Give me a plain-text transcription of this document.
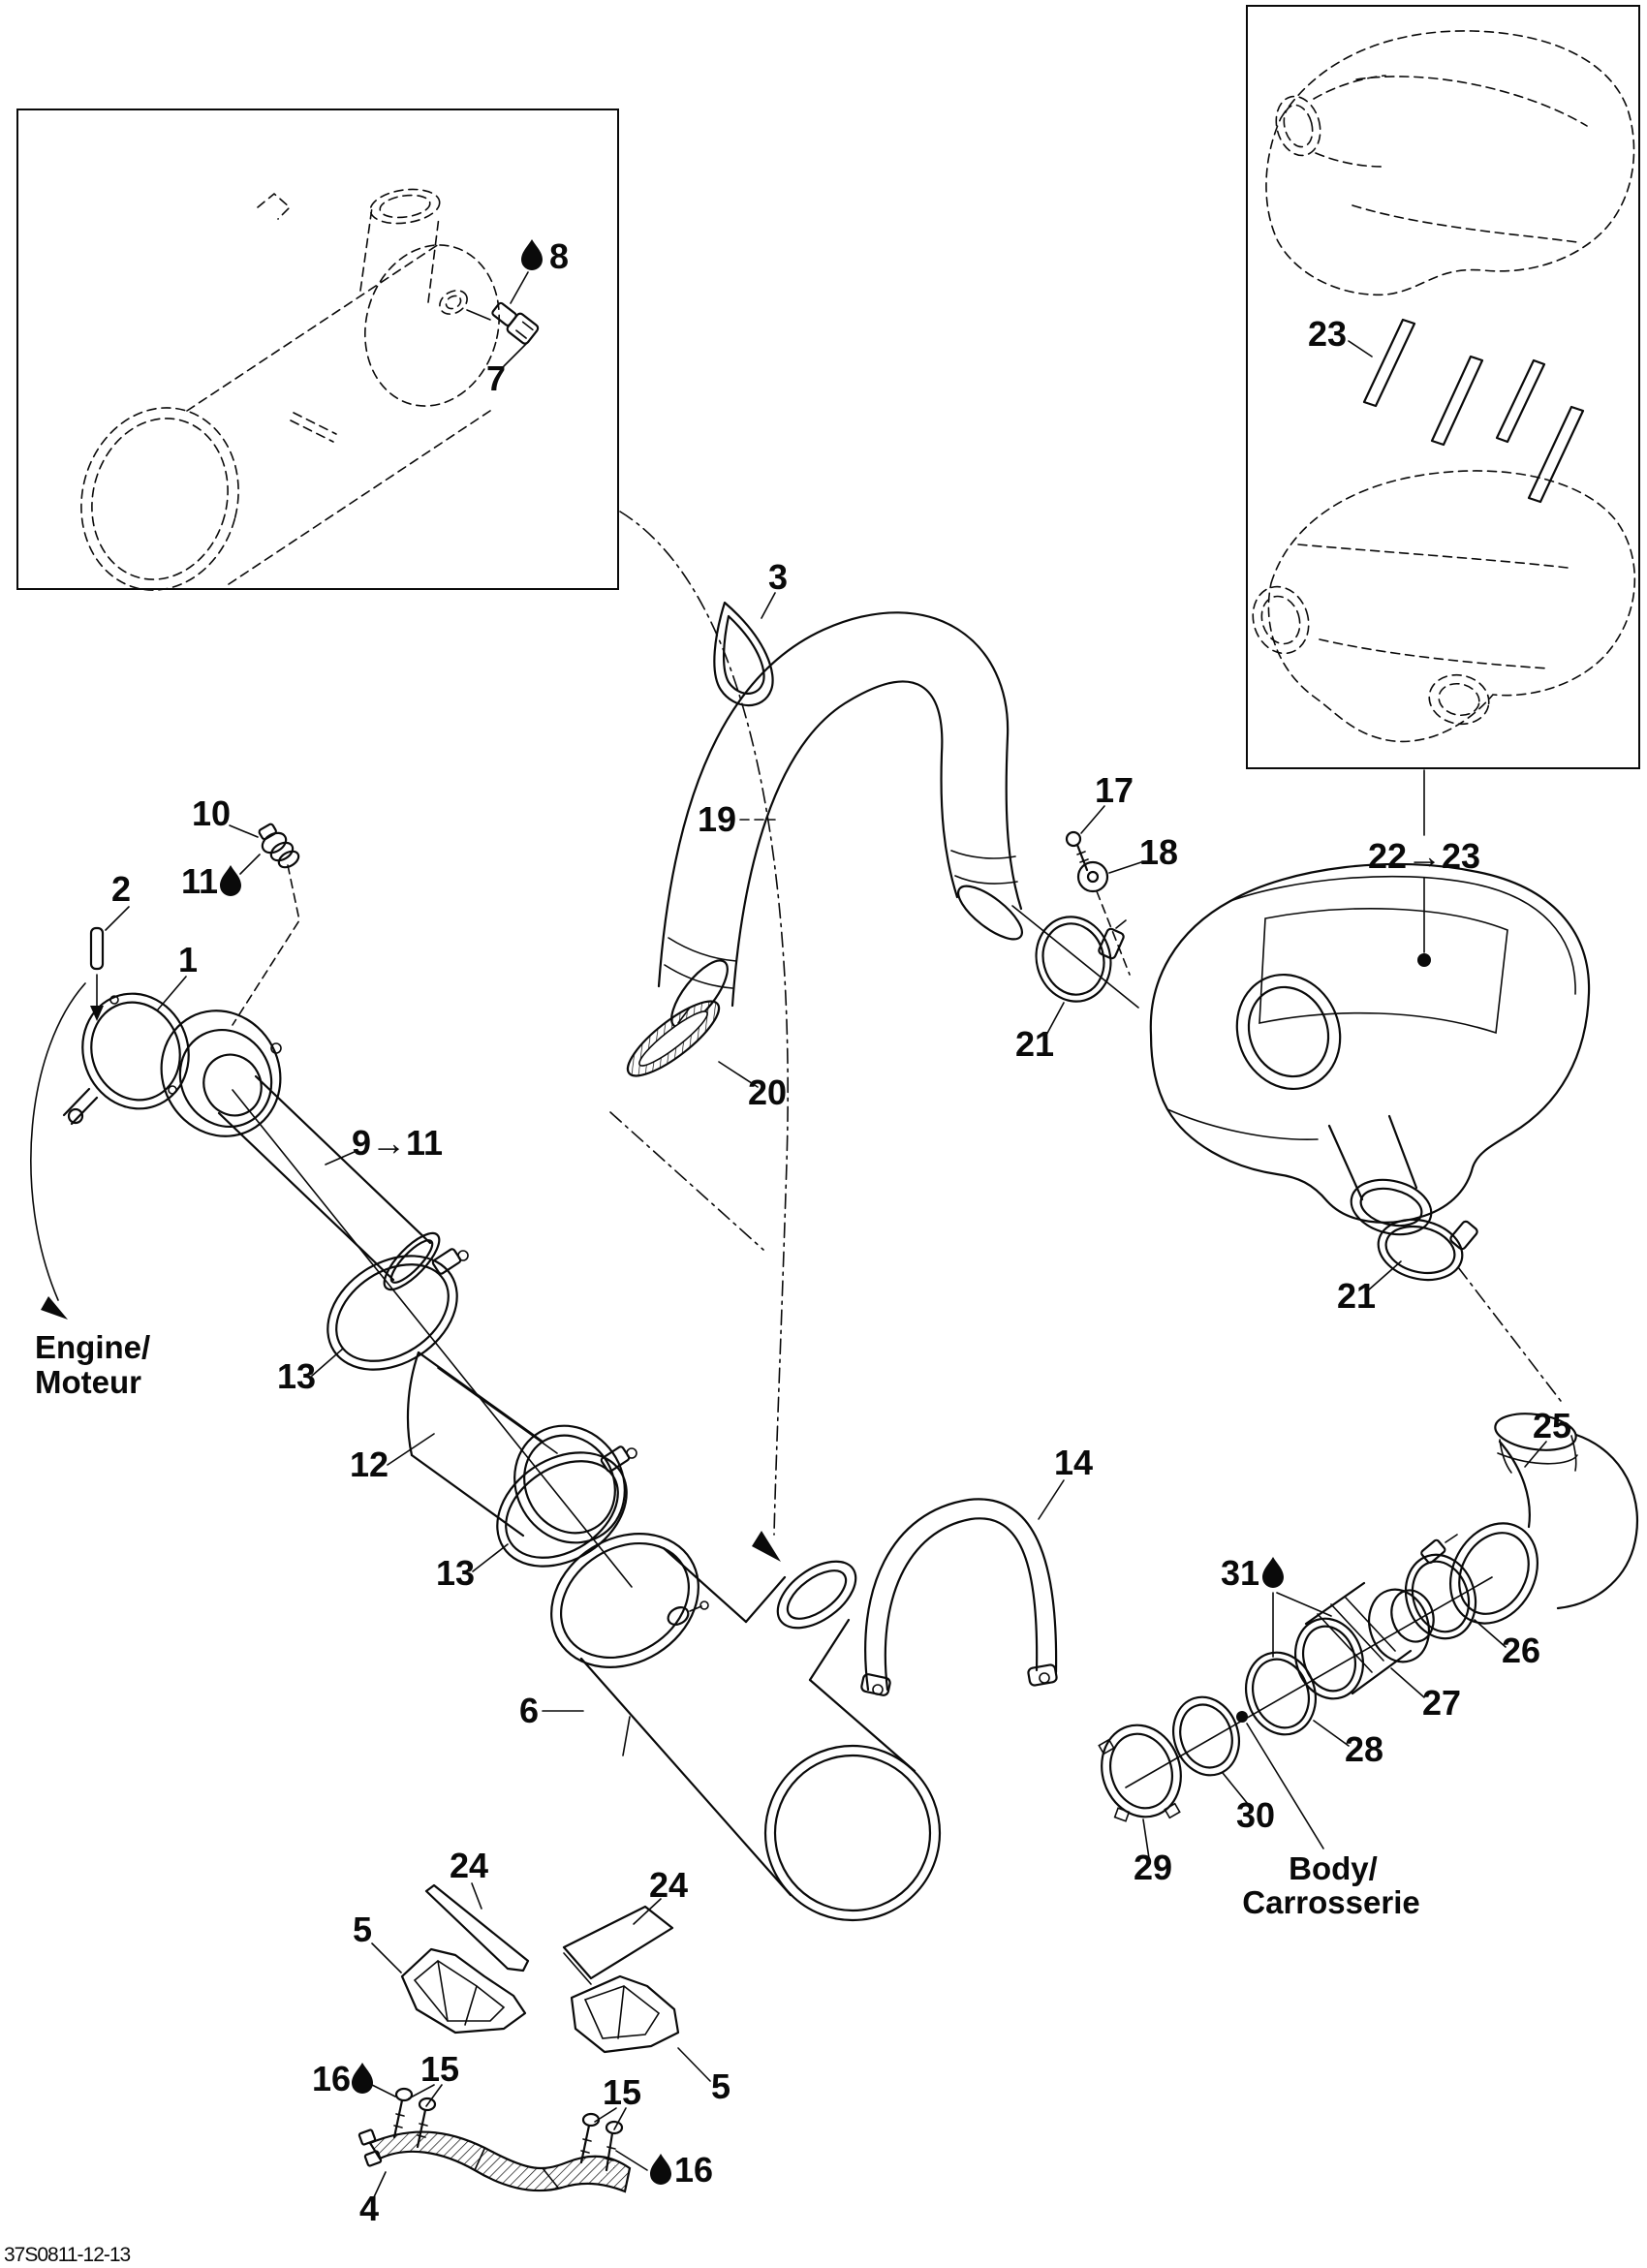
7
8
23
Engine/
Moteur
2
1
10
11
9→11
13
12
13
6
14
3
19
20
17
18
21
22→23
21
25
26
27
28
30
29
31
Body/
Carrosserie
24
5
24
5
15
16	15
16
4
37S0811-12-13
